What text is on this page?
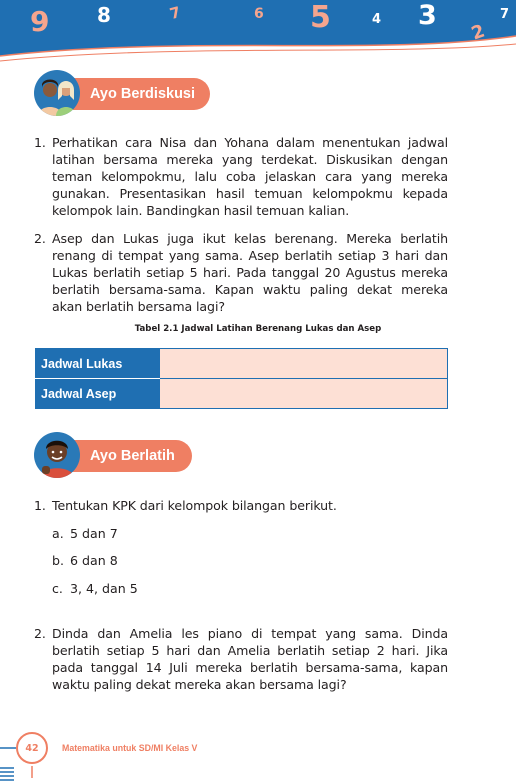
9 8	7	6 5	4 3
2
7
Ayo Berdiskusi
1. Perhatikan cara Nisa dan Yohana dalam menentukan jadwal latihan bersama mereka yang terdekat. Diskusikan dengan teman kelompokmu, lalu coba jelaskan cara yang mereka gunakan. Presentasikan hasil temuan kelompokmu kepada kelompok lain. Bandingkan hasil temuan kalian.
2. Asep dan Lukas juga ikut kelas berenang. Mereka berlatih renang di tempat yang sama. Asep berlatih setiap 3 hari dan Lukas berlatih setiap 5 hari. Pada tanggal 20 Agustus mereka berlatih bersama-sama. Kapan waktu paling dekat mereka akan berlatih bersama lagi?
Tabel 2.1 Jadwal Latihan Berenang Lukas dan Asep
Jadwal Lukas	
Jadwal Asep	
Ayo Berlatih
1. Tentukan KPK dari kelompok bilangan berikut.
a. 5 dan 7
b. 6 dan 8
c. 3, 4, dan 5
2. Dinda dan Amelia les piano di tempat yang sama. Dinda berlatih setiap 5 hari dan Amelia berlatih setiap 2 hari. Jika pada tanggal 14 Juli mereka berlatih bersama-sama, kapan waktu paling dekat mereka akan bersama lagi?
42	Matematika untuk SD/MI Kelas V
